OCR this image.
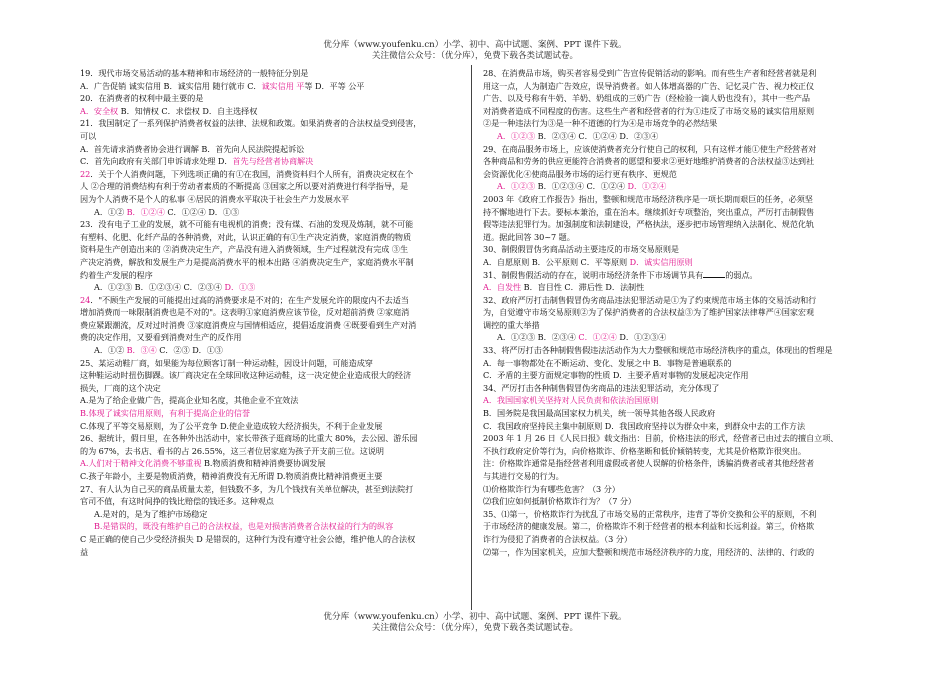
优分库（www.youfenku.cn）小学、初中、高中试题、案例、PPT 课件下载。
关注微信公众号：（优分库），免费下载各类试题试卷。
19．现代市场交易活动的基本精神和市场经济的一般特征分别是
A．广告促销 诚实信用 B．诚实信用 随行就市 C．诚实信用 平等 D．平等 公平
20．在消费者的权利中最主要的是
A．安全权 B．知情权 C．求偿权 D．自主选择权
21．我国制定了一系列保护消费者权益的法律、法规和政策。如果消费者的合法权益受到侵害，
可以
A．首先请求消费者协会进行调解 B．首先向人民法院提起诉讼
C．首先向政府有关部门申诉请求处理 D．首先与经营者协商解决
22．关于个人消费问题，下列选项正确的有①在我国，消费资料归个人所有，消费决定权在个
人 ②合理的消费结构有利于劳动者素质的不断提高 ③国家之所以要对消费进行科学指导，是
因为个人消费不是个人的私事 ④居民的消费水平取决于社会生产力发展水平
A．①② B．①②④ C．①②④ D．①③
23．没有电子工业的发展，就不可能有电视机的消费；没有煤、石油的发现及炼制，就不可能
有塑料、化肥、化纤产品的各种消费，对此，认识正确的有①生产决定消费，家庭消费的物质
资料是生产创造出来的 ②消费决定生产，产品没有进入消费领域，生产过程就没有完成 ③生
产决定消费，解放和发展生产力是提高消费水平的根本出路 ④消费决定生产，家庭消费水平制
约着生产发展的程序
A．①②③ B．①②③④ C．②③④ D．①③
24．"不顾生产发展的可能提出过高的消费要求是不对的；在生产发展允许的限度内不去适当
增加消费而一味限制消费也是不对的"。这表明①家庭消费应该节俭，反对超前消费 ②家庭消
费应紧跟潮流，反对过时消费 ③家庭消费应与国情相适应，提倡适度消费 ④既要看到生产对消
费的决定作用，又要看到消费对生产的反作用
A．①② B．③④ C．②③ D．①③
25、某运动鞋厂商，如果能为每位顾客订制一种运动鞋，因设计问题，可能造成穿
这种鞋运动时扭伤脚踝。该厂商决定在全球回收这种运动鞋，这一决定使企业造成很大的经济
损失，厂商的这个决定
A.是为了给企业做广告，提高企业知名度，其他企业不宜效法
B.体现了诚实信用原则，有利于提高企业的信誉
C.体现了平等交易原则，为了公平竞争 D.使企业造成较大经济损失，不利于企业发展
26、据统计，假日里，在各种外出活动中，家长带孩子逛商场的比重大 80%，去公园、游乐园
的为 67%，去书店、看书的占 26.55%，这三者位居家庭为孩子开支前三位。这说明
A.人们对于精神文化消费不够重视 B.物质消费和精神消费要协调发展
C.孩子年龄小，主要是物质消费，精神消费没有无所谓 D.物质消费比精神消费更主要
27、有人认为自己买的商品质量太差，但钱数不多，为几个钱找有关单位解决，甚至到法院打
官司不值，有这时间挣的钱比赔偿的钱还多。这种观点
A.是对的，是为了维护市场稳定
B.是错误的，既没有维护自己的合法权益，也是对损害消费者合法权益的行为的纵容
C 是正确的使自己少受经济损失 D 是错误的，这种行为没有遵守社会公德，维护他人的合法权
益
28、在消费品市场，购买者容易受到广告宣传促销活动的影响。而有些生产者和经营者就是利
用这一点，人为制造广告效应，误导消费者。如人体增高器的广告、记忆灵广告、视力校正仪
广告、以及号称有牛奶、羊奶、奶组成的三奶广告（经检验一滴人奶也没有），其中一些产品
对消费者造成不同程度的伤害。这些生产者和经营者的行为①违反了市场交易的诚实信用原则
②是一种违法行为③是一种不道德的行为④是市场竞争的必然结果
A．①②③ B．②③④ C．①②④ D．②③④
29、在商品服务市场上，应该使消费者充分行使自己的权利，只有这样才能①使生产经营者对
各种商品和劳务的供应更能符合消费者的愿望和要求②更好地维护消费者的合法权益③达到社
会资源优化④使商品服务市场的运行更有秩序、更规范
A．①②③ B．①②③④ C．①②④ D．①②④
2003 年《政府工作报告》指出，整顿和规范市场经济秩序是一项长期而艰巨的任务，必须坚
持不懈地进行下去。要标本兼治，重在治本。继续抓好专项整治，突出重点，严厉打击制假售
假等违法犯罪行为。加强制度和法制建设，严格执法，逐步把市场管理纳入法制化、规范化轨
道。据此回答 30~7 题。
30、制假假冒伪劣商品活动主要违反的市场交易原则是
A．自愿原则 B．公平原则 C．平等原则 D．诚实信用原则
31、制假售假活动的存在，说明市场经济条件下市场调节具有	的弱点。
A．自发性 B．盲目性 C．滞后性 D．法制性
32、政府严厉打击制售假冒伪劣商品违法犯罪活动是①为了约束规范市场主体的交易活动和行
为，自觉遵守市场交易原则②为了保护消费者的合法权益③为了维护国家法律尊严④国家宏观
调控的重大举措
A．①②③ B．②③④ C．①②④ D．①②③④
33、将严厉打击各种制假售假违法活动作为大力整顿和规范市场经济秩序的重点，体现出的哲理是
A．每一事物都处在不断运动、变化、发展之中 B．事物是普遍联系的
C．矛盾的主要方面规定事物的性质 D．主要矛盾对事物的发展起决定作用
34、严厉打击各种制售假冒伪劣商品的违法犯罪活动，充分体现了
A．我国国家机关坚持对人民负责和依法治国原则
B．国务院是我国最高国家权力机关，统一领导其他各级人民政府
C．我国政府坚持民主集中制原则 D．我国政府坚持以为群众中来，到群众中去的工作方法
2003 年 1 月 26 日《人民日报》载文指出：目前，价格违法的形式，经营者已由过去的擅自立项、
不执行政府定价等行为，向价格欺诈、价格垄断和低价倾销转变，尤其是价格欺诈很突出。
注：价格欺诈通常是指经营者利用虚假或者使人误解的价格条件，诱骗消费者或者其他经营者
与其进行交易的行为。
⑴价格欺诈行为有哪些危害？（3 分）
⑵我们应如何抵制价格欺诈行为？（7 分）
35、⑴第一，价格欺诈行为扰乱了市场交易的正常秩序，违背了等价交换和公平的原则，不利
于市场经济的健康发展。第二，价格欺诈不利于经营者的根本利益和长远利益。第三，价格欺
诈行为侵犯了消费者的合法权益。（3 分）
⑵第一，作为国家机关，应加大整顿和规范市场经济秩序的力度，用经济的、法律的、行政的
优分库（www.youfenku.cn）小学、初中、高中试题、案例、PPT 课件下载。
关注微信公众号：（优分库），免费下载各类试题试卷。
